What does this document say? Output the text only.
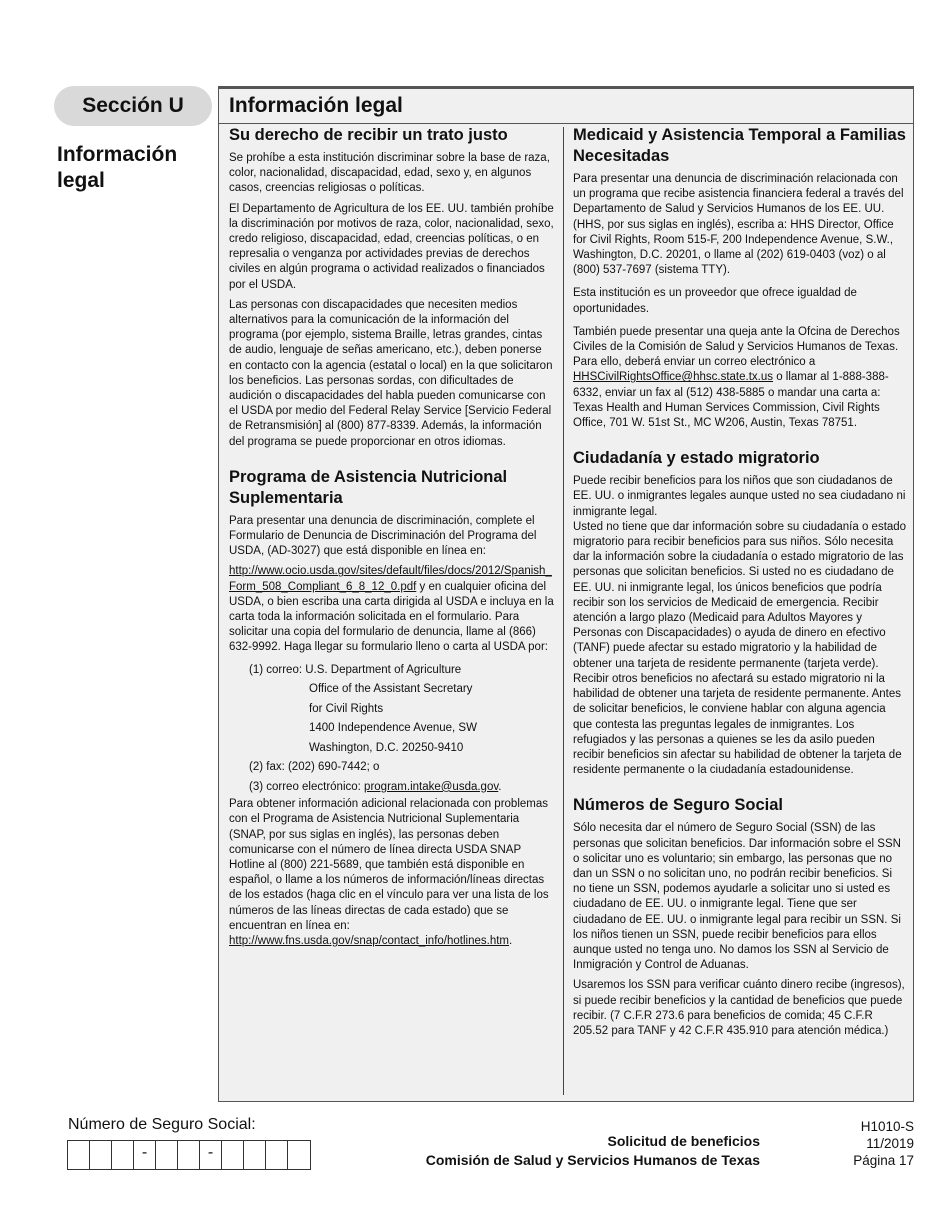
Sección U
Información legal
Información legal
Su derecho de recibir un trato justo

Se prohíbe a esta institución discriminar sobre la base de raza, color, nacionalidad, discapacidad, edad, sexo y, en algunos casos, creencias religiosas o políticas.

El Departamento de Agricultura de los EE. UU. también prohíbe la discriminación por motivos de raza, color, nacionalidad, sexo, credo religioso, discapacidad, edad, creencias políticas, o en represalia o venganza por actividades previas de derechos civiles en algún programa o actividad realizados o financiados por el USDA.

Las personas con discapacidades que necesiten medios alternativos para la comunicación de la información del programa (por ejemplo, sistema Braille, letras grandes, cintas de audio, lenguaje de señas americano, etc.), deben ponerse en contacto con la agencia (estatal o local) en la que solicitaron los beneficios. Las personas sordas, con dificultades de audición o discapacidades del habla pueden comunicarse con el USDA por medio del Federal Relay Service [Servicio Federal de Retransmisión] al (800) 877-8339. Además, la información del programa se puede proporcionar en otros idiomas.

Programa de Asistencia Nutricional Suplementaria

Para presentar una denuncia de discriminación, complete el Formulario de Denuncia de Discriminación del Programa del USDA, (AD-3027) que está disponible en línea en:

http://www.ocio.usda.gov/sites/default/files/docs/2012/Spanish_Form_508_Compliant_6_8_12_0.pdf y en cualquier oficina del USDA, o bien escriba una carta dirigida al USDA e incluya en la carta toda la información solicitada en el formulario. Para solicitar una copia del formulario de denuncia, llame al (866) 632-9992. Haga llegar su formulario lleno o carta al USDA por:

(1) correo: U.S. Department of Agriculture
Office of the Assistant Secretary
for Civil Rights
1400 Independence Avenue, SW
Washington, D.C. 20250-9410
(2) fax: (202) 690-7442; o
(3) correo electrónico: program.intake@usda.gov.

Para obtener información adicional relacionada con problemas con el Programa de Asistencia Nutricional Suplementaria (SNAP, por sus siglas en inglés), las personas deben comunicarse con el número de línea directa USDA SNAP Hotline al (800) 221-5689, que también está disponible en español, o llame a los números de información/líneas directas de los estados (haga clic en el vínculo para ver una lista de los números de las líneas directas de cada estado) que se encuentran en línea en: http://www.fns.usda.gov/snap/contact_info/hotlines.htm.

Medicaid y Asistencia Temporal a Familias Necesitadas

Para presentar una denuncia de discriminación relacionada con un programa que recibe asistencia financiera federal a través del Departamento de Salud y Servicios Humanos de los EE. UU. (HHS, por sus siglas en inglés), escriba a: HHS Director, Office for Civil Rights, Room 515-F, 200 Independence Avenue, S.W., Washington, D.C. 20201, o llame al (202) 619-0403 (voz) o al (800) 537-7697 (sistema TTY).

Esta institución es un proveedor que ofrece igualdad de oportunidades.

También puede presentar una queja ante la Ofcina de Derechos Civiles de la Comisión de Salud y Servicios Humanos de Texas. Para ello, deberá enviar un correo electrónico a HHSCivilRightsOffice@hhsc.state.tx.us o llamar al 1-888-388-6332, enviar un fax al (512) 438-5885 o mandar una carta a: Texas Health and Human Services Commission, Civil Rights Office, 701 W. 51st St., MC W206, Austin, Texas 78751.

Ciudadanía y estado migratorio

Puede recibir beneficios para los niños que son ciudadanos de EE. UU. o inmigrantes legales aunque usted no sea ciudadano ni inmigrante legal.

Usted no tiene que dar información sobre su ciudadanía o estado migratorio para recibir beneficios para sus niños. Sólo necesita dar la información sobre la ciudadanía o estado migratorio de las personas que solicitan beneficios. Si usted no es ciudadano de EE. UU. ni inmigrante legal, los únicos beneficios que podría recibir son los servicios de Medicaid de emergencia. Recibir atención a largo plazo (Medicaid para Adultos Mayores y Personas con Discapacidades) o ayuda de dinero en efectivo (TANF) puede afectar su estado migratorio y la habilidad de obtener una tarjeta de residente permanente (tarjeta verde).

Recibir otros beneficios no afectará su estado migratorio ni la habilidad de obtener una tarjeta de residente permanente. Antes de solicitar beneficios, le conviene hablar con alguna agencia que contesta las preguntas legales de inmigrantes. Los refugiados y las personas a quienes se les da asilo pueden recibir beneficios sin afectar su habilidad de obtener la tarjeta de residente permanente o la ciudadanía estadounidense.

Números de Seguro Social

Sólo necesita dar el número de Seguro Social (SSN) de las personas que solicitan beneficios. Dar información sobre el SSN o solicitar uno es voluntario; sin embargo, las personas que no dan un SSN o no solicitan uno, no podrán recibir beneficios. Si no tiene un SSN, podemos ayudarle a solicitar uno si usted es ciudadano de EE. UU. o inmigrante legal. Tiene que ser ciudadano de EE. UU. o inmigrante legal para recibir un SSN. Si los niños tienen un SSN, puede recibir beneficios para ellos aunque usted no tenga uno. No damos los SSN al Servicio de Inmigración y Control de Aduanas.

Usaremos los SSN para verificar cuánto dinero recibe (ingresos), si puede recibir beneficios y la cantidad de beneficios que puede recibir. (7 C.F.R 273.6 para beneficios de comida; 45 C.F.R 205.52 para TANF y 42 C.F.R 435.910 para atención médica.)

Número de Seguro Social:
-	-
Solicitud de beneficios
Comisión de Salud y Servicios Humanos de Texas
H1010-S
11/2019
Página 17
